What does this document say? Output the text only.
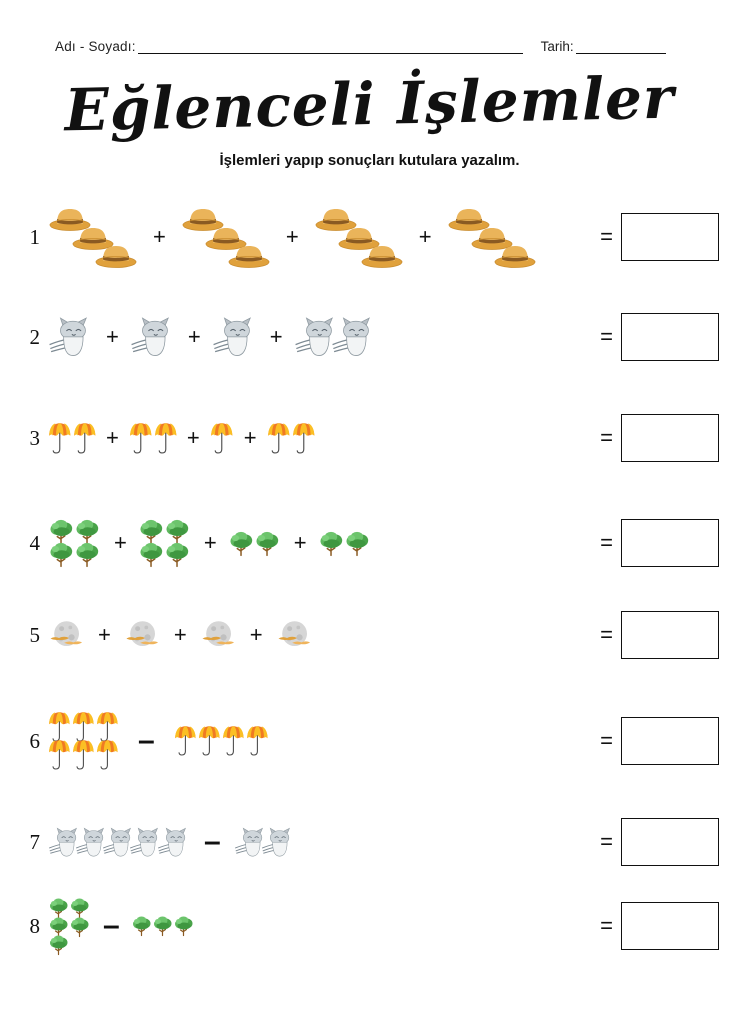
Adı - Soyadı:	Tarih:
Eğlenceli İşlemler
İşlemleri yapıp sonuçları kutulara yazalım.
1	+	+	+	=
2	+	+	+	=
3	+	+ +	=
4	+	+	+	=
5	+	+	+	=
6	–	=
7	–	=
8 –	=
